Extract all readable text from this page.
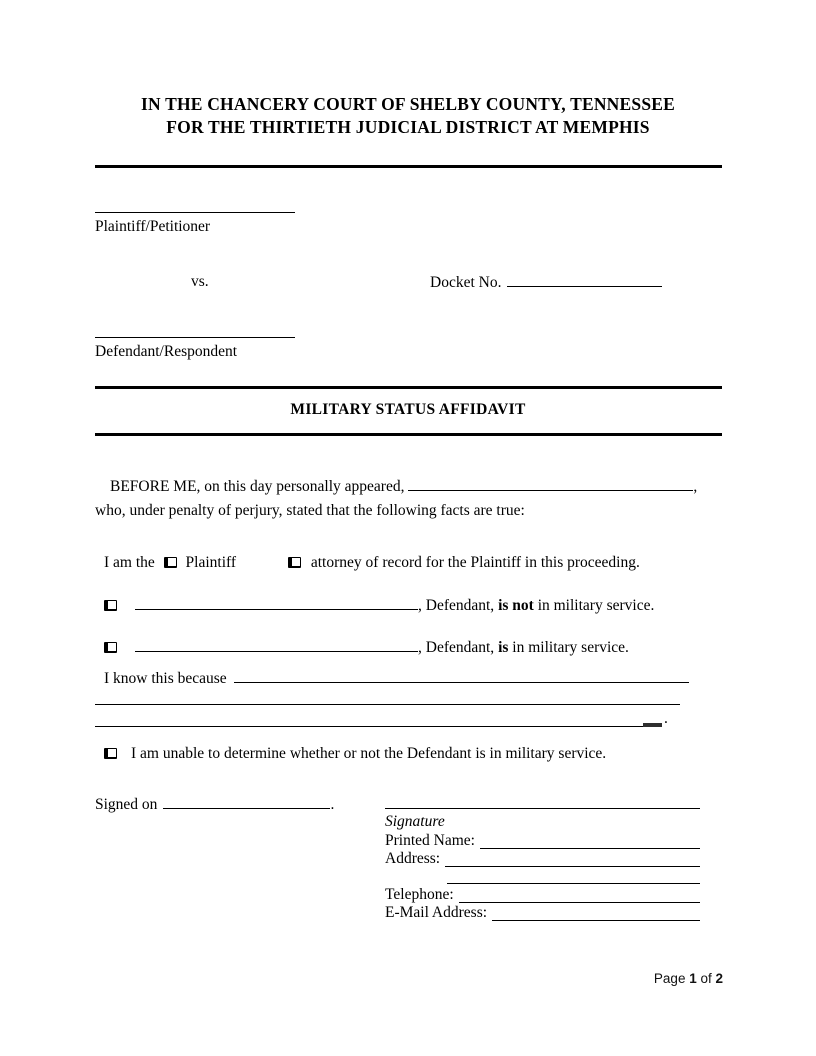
IN THE CHANCERY COURT OF SHELBY COUNTY, TENNESSEE
FOR THE THIRTIETH JUDICIAL DISTRICT AT MEMPHIS
Plaintiff/Petitioner
vs.	Docket No.
Defendant/Respondent
MILITARY STATUS AFFIDAVIT
BEFORE ME, on this day personally appeared,	,
who, under penalty of perjury, stated that the following facts are true:
I am the Plaintiff	attorney of record for the Plaintiff in this proceeding.
, Defendant, is not in military service.
, Defendant, is in military service.
I know this because
.
I am unable to determine whether or not the Defendant is in military service.
Signed on	.
Signature
Printed Name:
Address:
Telephone:
E-Mail Address:
Page 1 of 2
